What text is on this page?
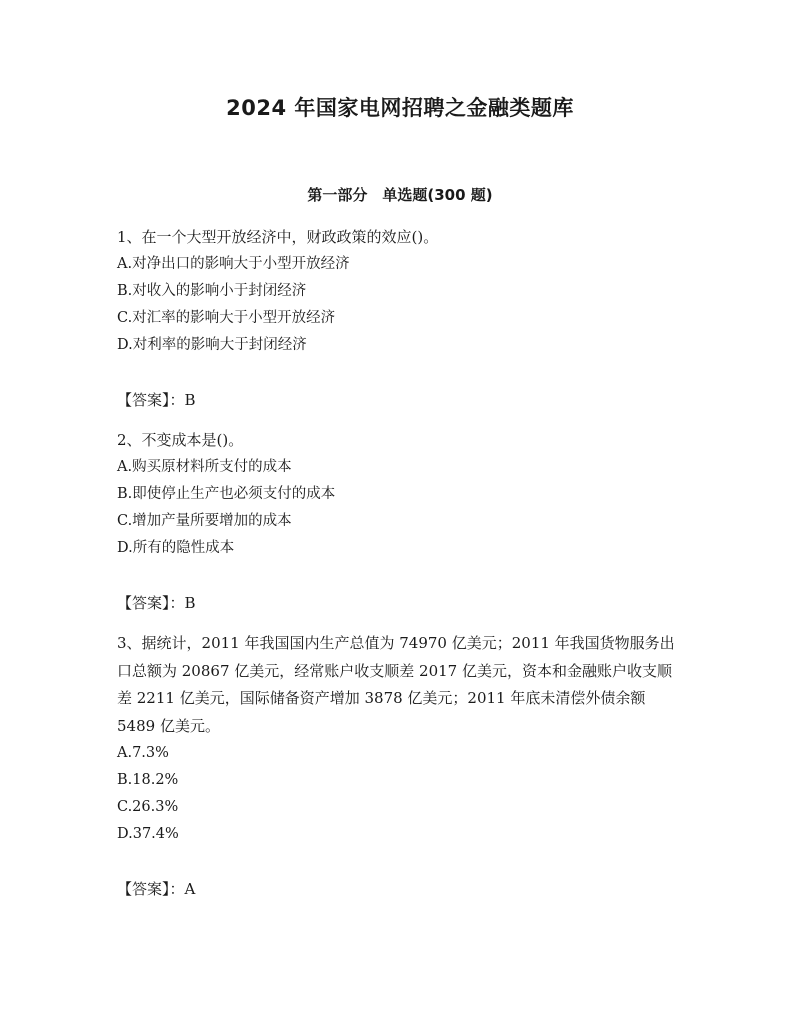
2024 年国家电网招聘之金融类题库
第一部分　单选题(300 题)

1、在一个大型开放经济中，财政政策的效应()。

A.对净出口的影响大于小型开放经济

B.对收入的影响小于封闭经济

C.对汇率的影响大于小型开放经济

D.对利率的影响大于封闭经济

【答案】：B

2、不变成本是()。

A.购买原材料所支付的成本

B.即使停止生产也必须支付的成本

C.增加产量所要增加的成本

D.所有的隐性成本

【答案】：B

3、据统计，2011 年我国国内生产总值为 74970 亿美元；2011 年我国货物服务出口总额为 20867 亿美元，经常账户收支顺差 2017 亿美元，资本和金融账户收支顺差 2211 亿美元，国际储备资产增加 3878 亿美元；2011 年底未清偿外债余额 5489 亿美元。

A.7.3%

B.18.2%

C.26.3%

D.37.4%

【答案】：A
